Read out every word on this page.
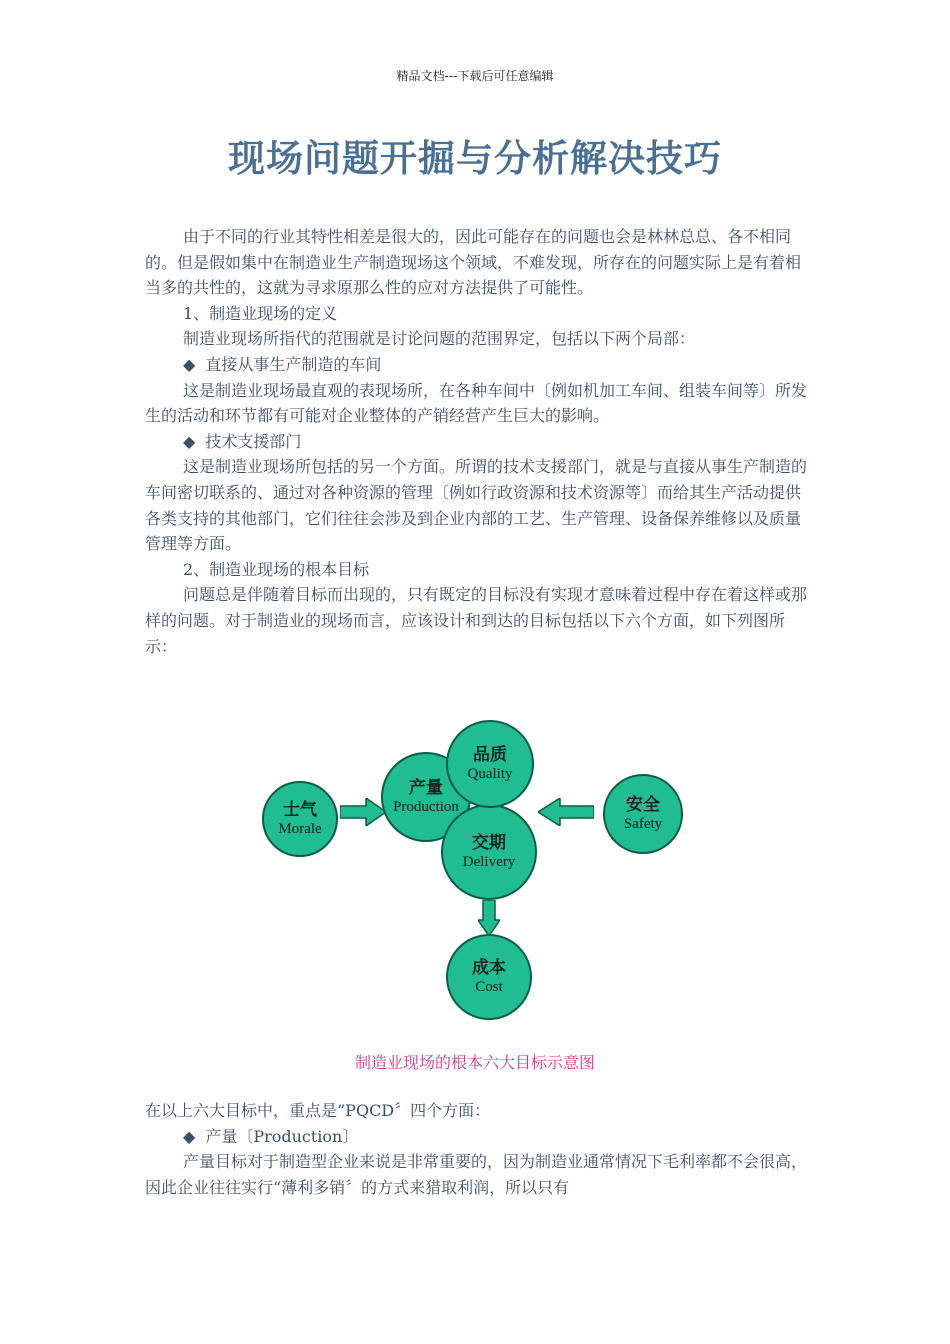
精品文档---下载后可任意编辑
现场问题开掘与分析解决技巧

由于不同的行业其特性相差是很大的，因此可能存在的问题也会是林林总总、各不相同的。但是假如集中在制造业生产制造现场这个领域，不难发现，所存在的问题实际上是有着相当多的共性的，这就为寻求原那么性的应对方法提供了可能性。

1、制造业现场的定义

制造业现场所指代的范围就是讨论问题的范围界定，包括以下两个局部：

◆ 直接从事生产制造的车间

这是制造业现场最直观的表现场所，在各种车间中〔例如机加工车间、组装车间等〕所发生的活动和环节都有可能对企业整体的产销经营产生巨大的影响。

◆ 技术支援部门

这是制造业现场所包括的另一个方面。所谓的技术支援部门，就是与直接从事生产制造的车间密切联系的、通过对各种资源的管理〔例如行政资源和技术资源等〕而给其生产活动提供各类支持的其他部门，它们往往会涉及到企业内部的工艺、生产管理、设备保养维修以及质量管理等方面。

2、制造业现场的根本目标

问题总是伴随着目标而出现的，只有既定的目标没有实现才意味着过程中存在着这样或那样的问题。对于制造业的现场而言，应该设计和到达的目标包括以下六个方面，如下列图所示：

士气
Morale
产量
Production
交期
Delivery
品质
Quality
安全
Safety
成本
Cost
制造业现场的根本六大目标示意图

在以上六大目标中，重点是“PQCD〞四个方面：

◆ 产量〔Production〕

产量目标对于制造型企业来说是非常重要的，因为制造业通常情况下毛利率都不会很高，因此企业往往实行“薄利多销〞的方式来猎取利润，所以只有
